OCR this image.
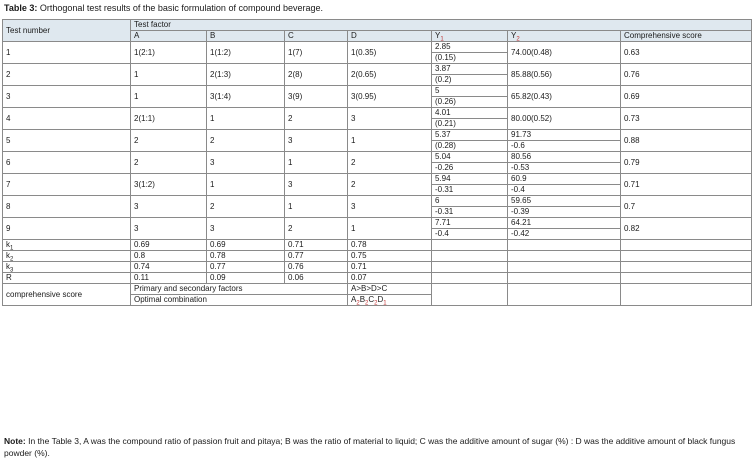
Table 3: Orthogonal test results of the basic formulation of compound beverage.
Test number	Test factor						
	A	B	C	D	$Y_1$	$Y_2$	Comprehensive score
1	1(2:1)	1(1:2)	1(7)	1(0.35)	2.85	74.00(0.48)	0.63
					(0.15)		
2	1	2(1:3)	2(8)	2(0.65)	3.87	85.88(0.56)	0.76
					(0.2)		
3	1	3(1:4)	3(9)	3(0.95)	5	65.82(0.43)	0.69
					(0.26)		
4	2(1:1)	1	2	3	4.01	80.00(0.52)	0.73
					(0.21)		
5	2	2	3	1	5.37	91.73	0.88
					(0.28)	-0.6	
6	2	3	1	2	5.04	80.56	0.79
					-0.26	-0.53	
7	3(1:2)	1	3	2	5.94	60.9	0.71
					-0.31	-0.4	
8	3	2	1	3	6	59.65	0.7
					-0.31	-0.39	
9	3	3	2	1	7.71	64.21	0.82
					-0.4	-0.42	
$k_1$	0.69	0.69	0.71	0.78			
$k_2$	0.8	0.78	0.77	0.75			
$k_3$	0.74	0.77	0.76	0.71			
R	0.11	0.09	0.06	0.07			
comprehensive score	Primary and secondary factors			A>B>D>C			
	Optimal combination			$A_2B_2C_2D_1$
Note: In the Table 3, A was the compound ratio of passion fruit and pitaya; B was the ratio of material to liquid; C was the additive amount of sugar (%) : D was the additive amount of black fungus powder (%).
